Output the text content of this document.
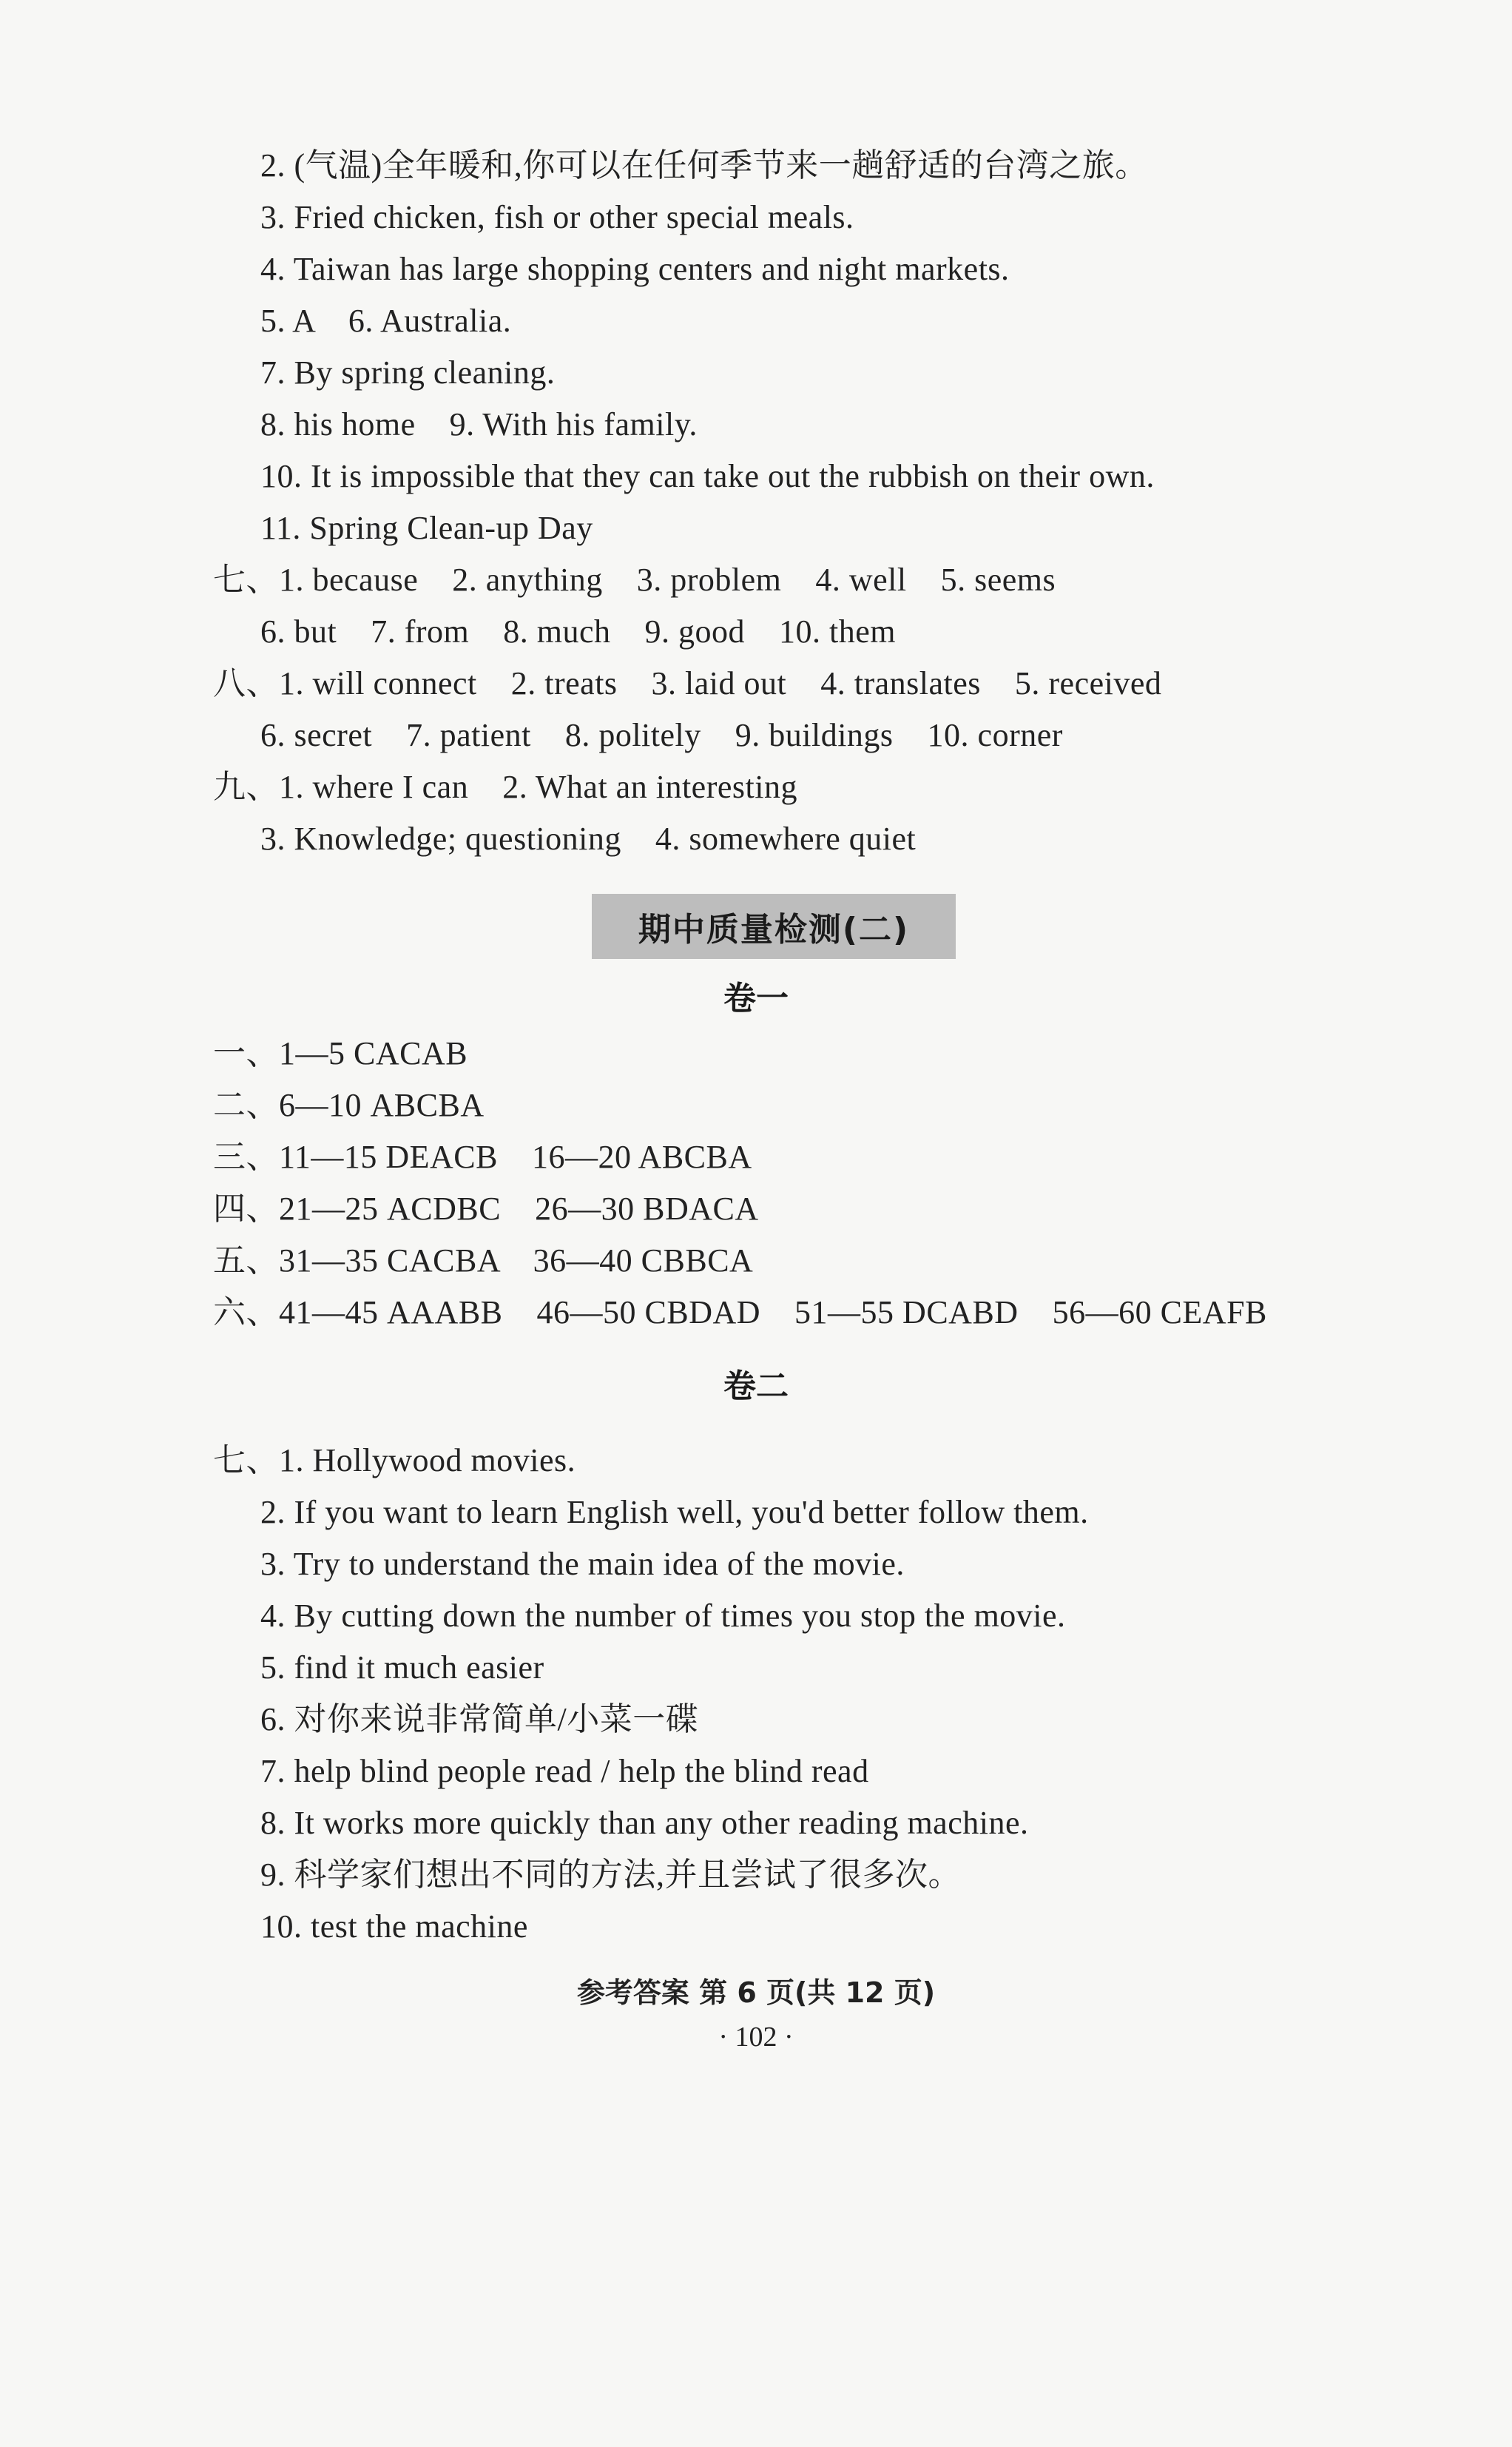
2. (气温)全年暖和,你可以在任何季节来一趟舒适的台湾之旅。
3. Fried chicken, fish or other special meals.
4. Taiwan has large shopping centers and night markets.
5. A    6. Australia.
7. By spring cleaning.
8. his home    9. With his family.
10. It is impossible that they can take out the rubbish on their own.
11. Spring Clean-up Day
七、1. because    2. anything    3. problem    4. well    5. seems
6. but    7. from    8. much    9. good    10. them
八、1. will connect    2. treats    3. laid out    4. translates    5. received
6. secret    7. patient    8. politely    9. buildings    10. corner
九、1. where I can    2. What an interesting
3. Knowledge; questioning    4. somewhere quiet
期中质量检测(二)
卷一
一、1—5 CACAB
二、6—10 ABCBA
三、11—15 DEACB    16—20 ABCBA
四、21—25 ACDBC    26—30 BDACA
五、31—35 CACBA    36—40 CBBCA
六、41—45 AAABB    46—50 CBDAD    51—55 DCABD    56—60 CEAFB
卷二
七、1. Hollywood movies.
2. If you want to learn English well, you'd better follow them.
3. Try to understand the main idea of the movie.
4. By cutting down the number of times you stop the movie.
5. find it much easier
6. 对你来说非常简单/小菜一碟
7. help blind people read / help the blind read
8. It works more quickly than any other reading machine.
9. 科学家们想出不同的方法,并且尝试了很多次。
10. test the machine
参考答案 第 6 页(共 12 页)
· 102 ·
